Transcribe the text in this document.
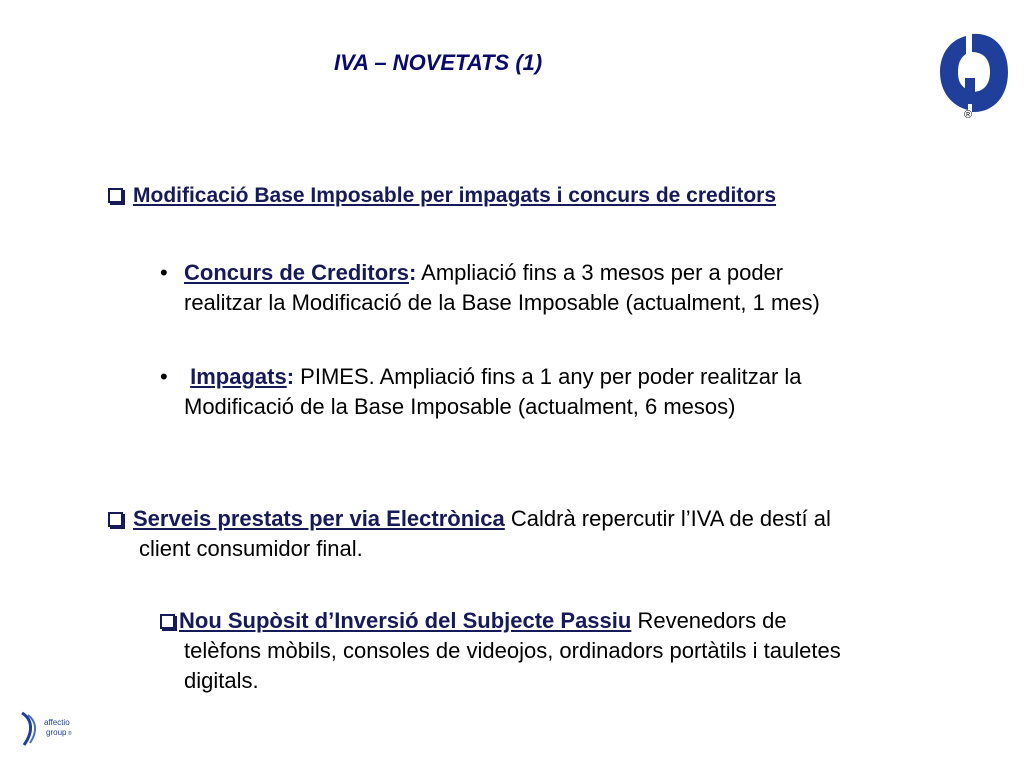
IVA – NOVETATS (1)
®
Modificació Base Imposable per impagats i concurs de creditors
• Concurs de Creditors: Ampliació fins a 3 mesos per a poder
realitzar la Modificació de la Base Imposable (actualment, 1 mes)
• Impagats: PIMES. Ampliació fins a 1 any per poder realitzar la
Modificació de la Base Imposable (actualment, 6 mesos)
Serveis prestats per via Electrònica Caldrà repercutir l’IVA de destí al
client consumidor final.
Nou Supòsit d’Inversió del Subjecte Passiu Revenedors de
telèfons mòbils, consoles de videojos, ordinadors portàtils i tauletes
digitals.
affectio
group ®
